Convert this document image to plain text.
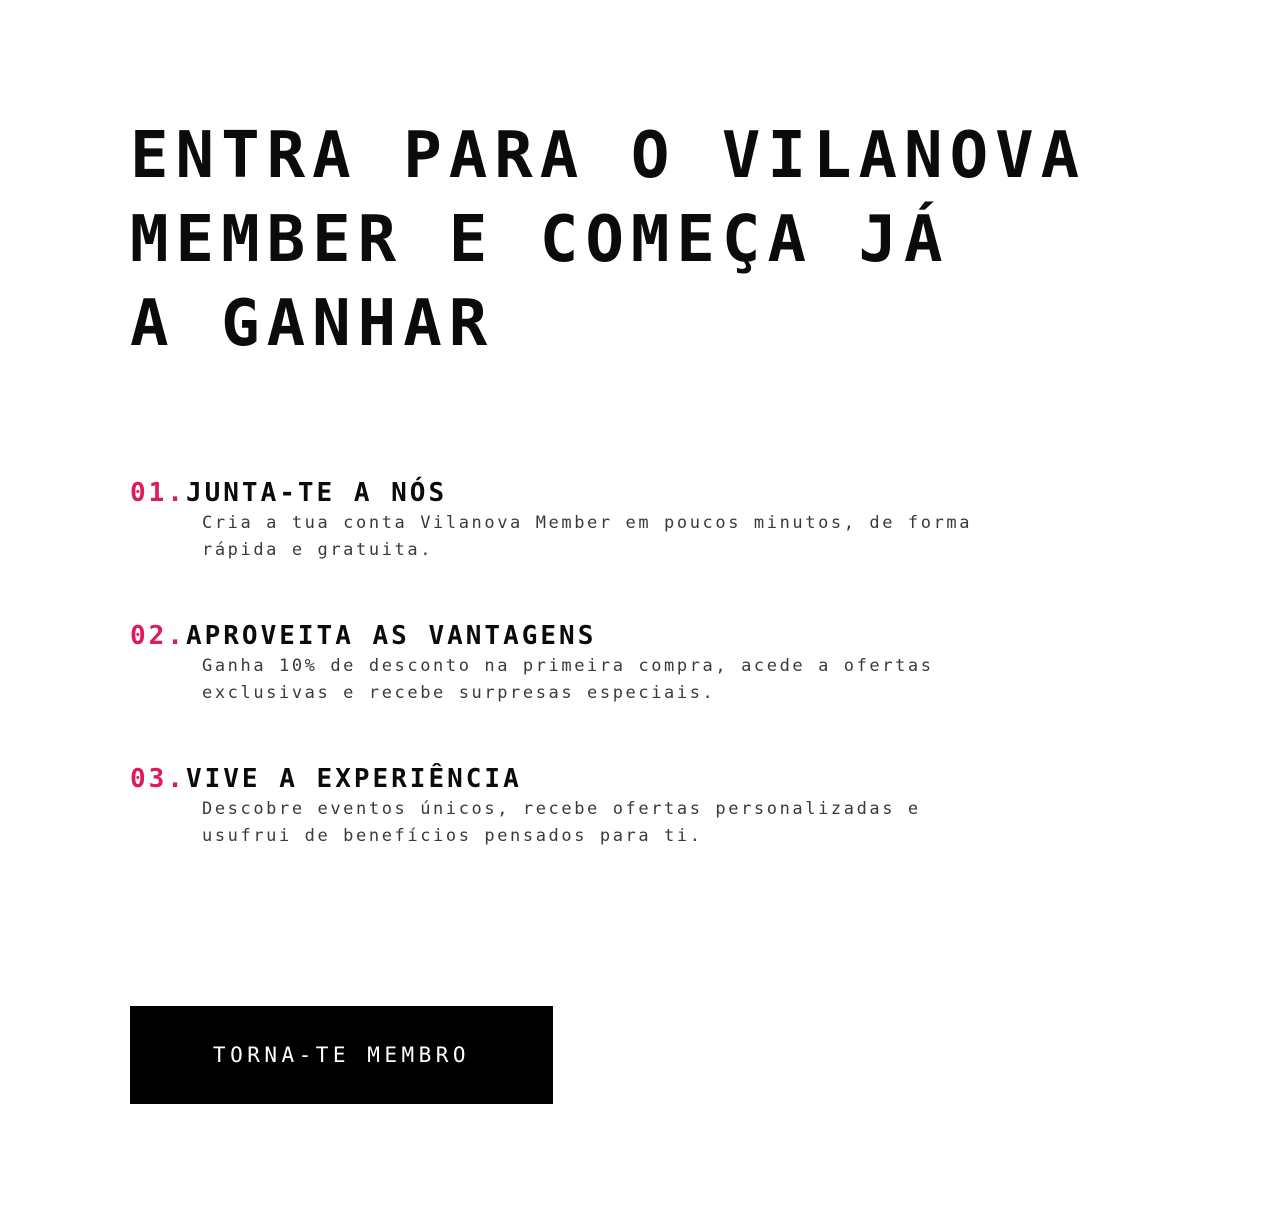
ENTRA PARA O VILANOVA
MEMBER E COMEÇA JÁ
A GANHAR
01. JUNTA-TE A NÓS

Cria a tua conta Vilanova Member em poucos minutos, de forma rápida e gratuita.

02. APROVEITA AS VANTAGENS

Ganha 10% de desconto na primeira compra, acede a ofertas exclusivas e recebe surpresas especiais.

03. VIVE A EXPERIÊNCIA

Descobre eventos únicos, recebe ofertas personalizadas e usufrui de benefícios pensados para ti.

TORNA-TE MEMBRO
